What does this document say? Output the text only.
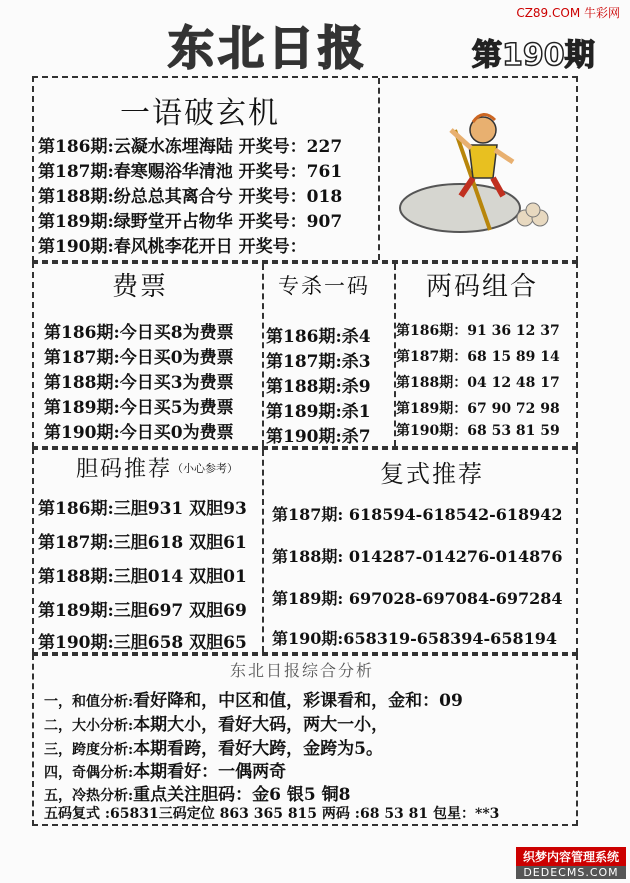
东北日报	第190期
CZ89.COM 牛彩网
一语破玄机
第186期:云凝水冻埋海陆 开奖号：227
第187期:春寒赐浴华清池 开奖号：761
第188期:纷总总其离合兮 开奖号：018
第189期:绿野堂开占物华 开奖号：907
第190期:春风桃李花开日 开奖号：
费票
第186期:今日买8为费票
第187期:今日买0为费票
第188期:今日买3为费票
第189期:今日买5为费票
第190期:今日买0为费票
专杀一码
第186期:杀4
第187期:杀3
第188期:杀9
第189期:杀1
第190期:杀7
两码组合
第186期：91 36 12 37
第187期：68 15 89 14
第188期：04 12 48 17
第189期：67 90 72 98
第190期：68 53 81 59
胆码推荐 （小心参考）
第186期:三胆931 双胆93
第187期:三胆618 双胆61
第188期:三胆014 双胆01
第189期:三胆697 双胆69
第190期:三胆658 双胆65
复式推荐
第187期: 618594-618542-618942
第188期: 014287-014276-014876
第189期: 697028-697084-697284
第190期:658319-658394-658194
东北日报综合分析
一，和值分析:看好降和，中区和值，彩课看和，金和：09
二，大小分析:本期大小，看好大码，两大一小，
三，跨度分析:本期看跨，看好大跨，金跨为5。
四，奇偶分析:本期看好：一偶两奇
五，冷热分析:重点关注胆码：金6 银5 铜8
五码复式 :65831三码定位 863 365 815 两码 :68 53 81 包星：**3
织梦内容管理系统
DEDECMS.COM
